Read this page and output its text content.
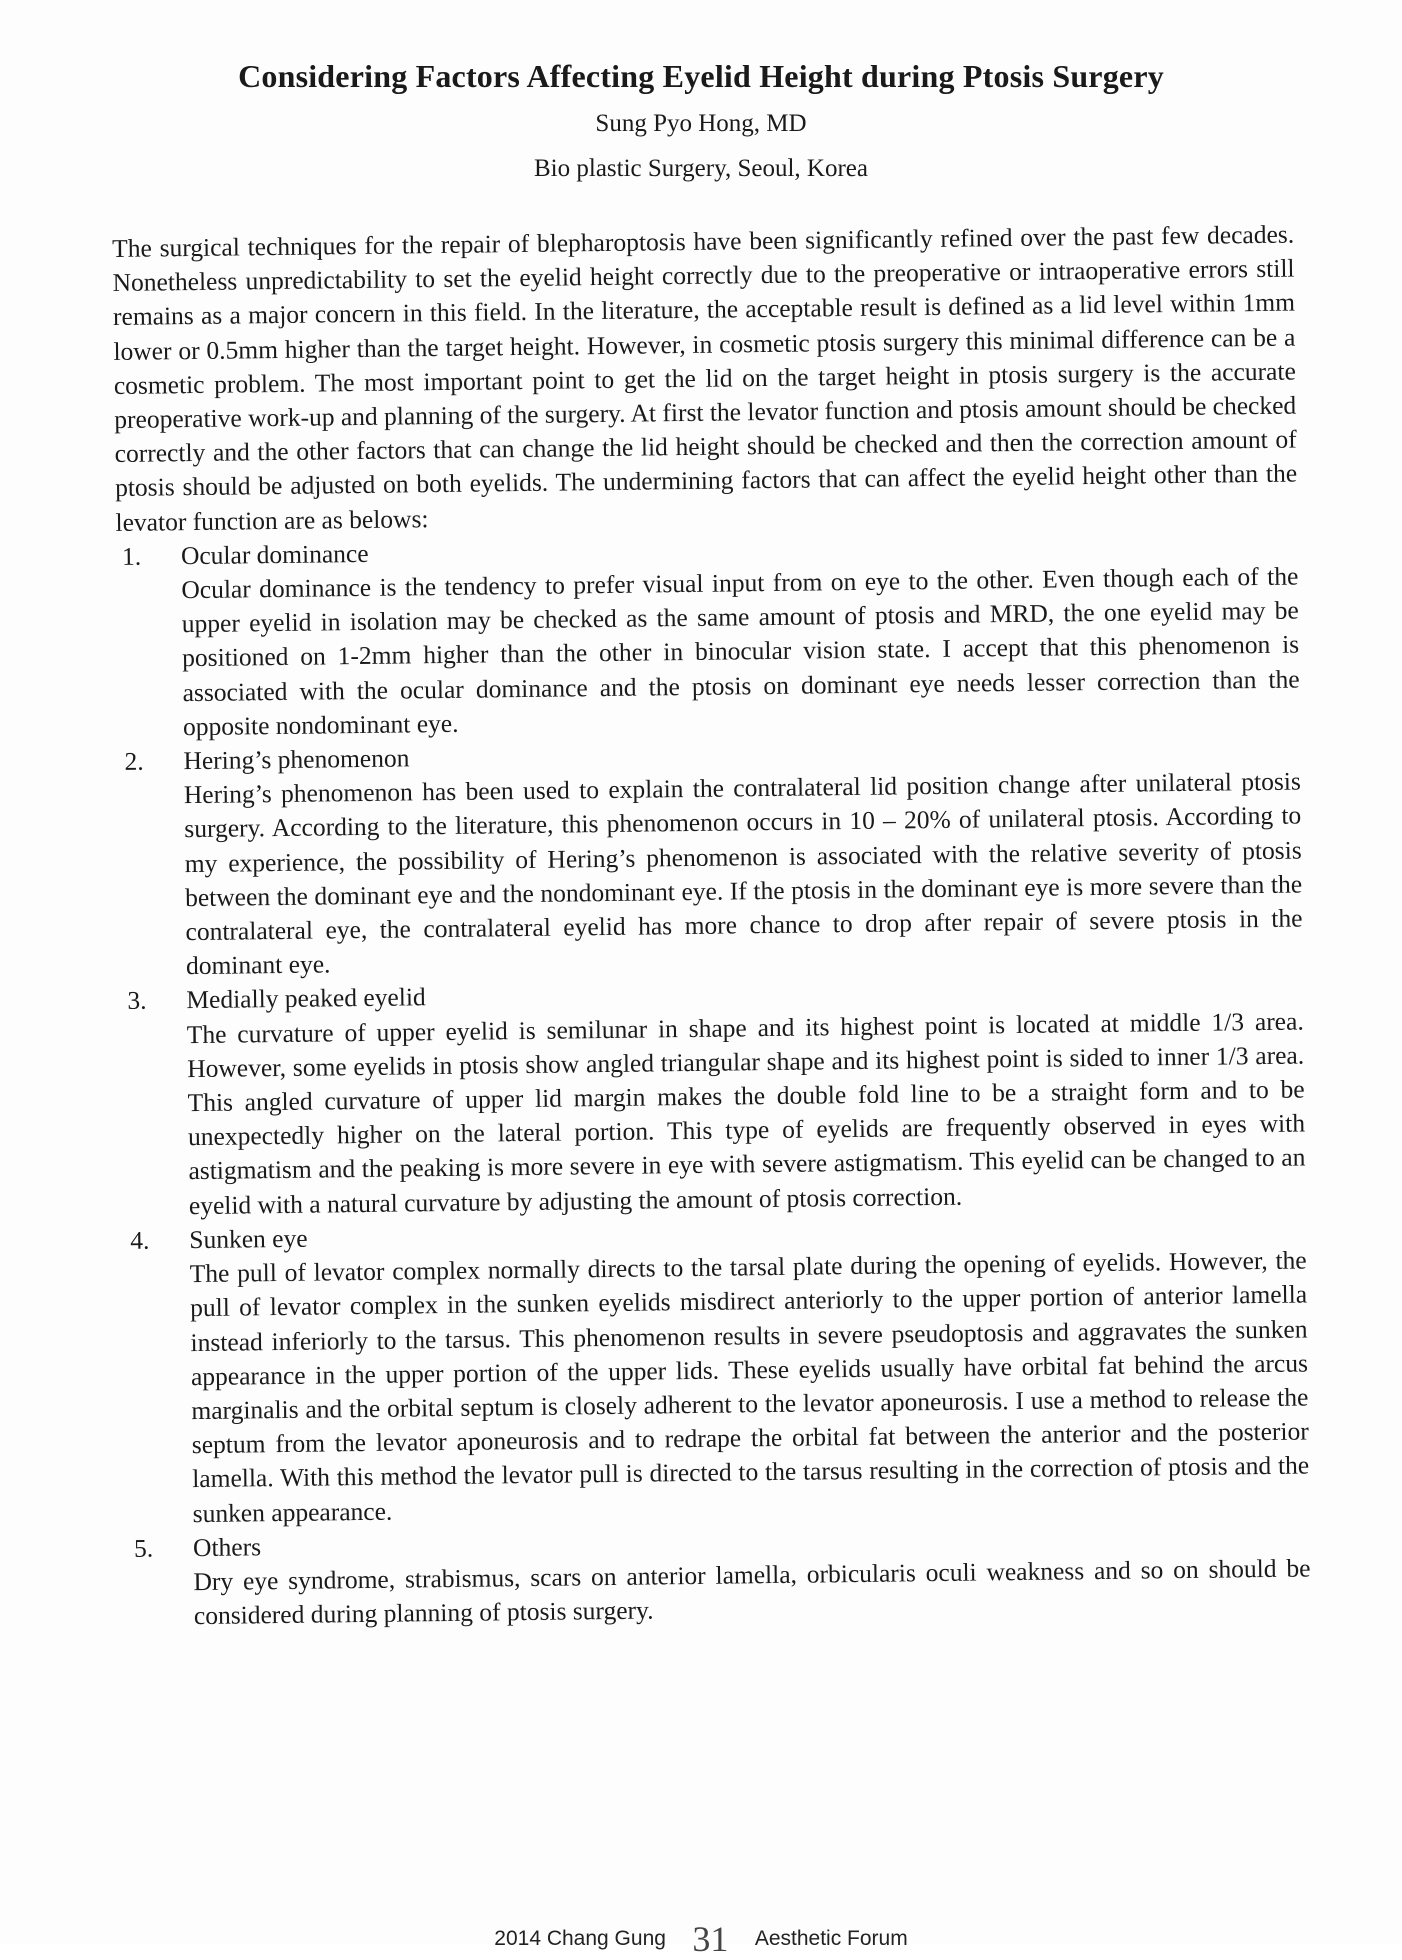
Considering Factors Affecting Eyelid Height during Ptosis Surgery
Sung Pyo Hong, MD
Bio plastic Surgery, Seoul, Korea

The surgical techniques for the repair of blepharoptosis have been significantly refined over the past few decades. Nonetheless unpredictability to set the eyelid height correctly due to the preoperative or intraoperative errors still remains as a major concern in this field. In the literature, the acceptable result is defined as a lid level within 1mm lower or 0.5mm higher than the target height. However, in cosmetic ptosis surgery this minimal difference can be a cosmetic problem. The most important point to get the lid on the target height in ptosis surgery is the accurate preoperative work-up and planning of the surgery. At first the levator function and ptosis amount should be checked correctly and the other factors that can change the lid height should be checked and then the correction amount of ptosis should be adjusted on both eyelids. The undermining factors that can affect the eyelid height other than the levator function are as belows:

1. Ocular dominance
Ocular dominance is the tendency to prefer visual input from on eye to the other. Even though each of the upper eyelid in isolation may be checked as the same amount of ptosis and MRD, the one eyelid may be positioned on 1-2mm higher than the other in binocular vision state. I accept that this phenomenon is associated with the ocular dominance and the ptosis on dominant eye needs lesser correction than the opposite nondominant eye.
2. Hering’s phenomenon
Hering’s phenomenon has been used to explain the contralateral lid position change after unilateral ptosis surgery. According to the literature, this phenomenon occurs in 10 – 20% of unilateral ptosis. According to my experience, the possibility of Hering’s phenomenon is associated with the relative severity of ptosis between the dominant eye and the nondominant eye. If the ptosis in the dominant eye is more severe than the contralateral eye, the contralateral eyelid has more chance to drop after repair of severe ptosis in the dominant eye.
3. Medially peaked eyelid
The curvature of upper eyelid is semilunar in shape and its highest point is located at middle 1/3 area. However, some eyelids in ptosis show angled triangular shape and its highest point is sided to inner 1/3 area. This angled curvature of upper lid margin makes the double fold line to be a straight form and to be unexpectedly higher on the lateral portion. This type of eyelids are frequently observed in eyes with astigmatism and the peaking is more severe in eye with severe astigmatism. This eyelid can be changed to an eyelid with a natural curvature by adjusting the amount of ptosis correction.
4. Sunken eye
The pull of levator complex normally directs to the tarsal plate during the opening of eyelids. However, the pull of levator complex in the sunken eyelids misdirect anteriorly to the upper portion of anterior lamella instead inferiorly to the tarsus. This phenomenon results in severe pseudoptosis and aggravates the sunken appearance in the upper portion of the upper lids. These eyelids usually have orbital fat behind the arcus marginalis and the orbital septum is closely adherent to the levator aponeurosis. I use a method to release the septum from the levator aponeurosis and to redrape the orbital fat between the anterior and the posterior lamella. With this method the levator pull is directed to the tarsus resulting in the correction of ptosis and the sunken appearance.
5. Others
Dry eye syndrome, strabismus, scars on anterior lamella, orbicularis oculi weakness and so on should be considered during planning of ptosis surgery.
2014 Chang Gung 31 Aesthetic Forum
